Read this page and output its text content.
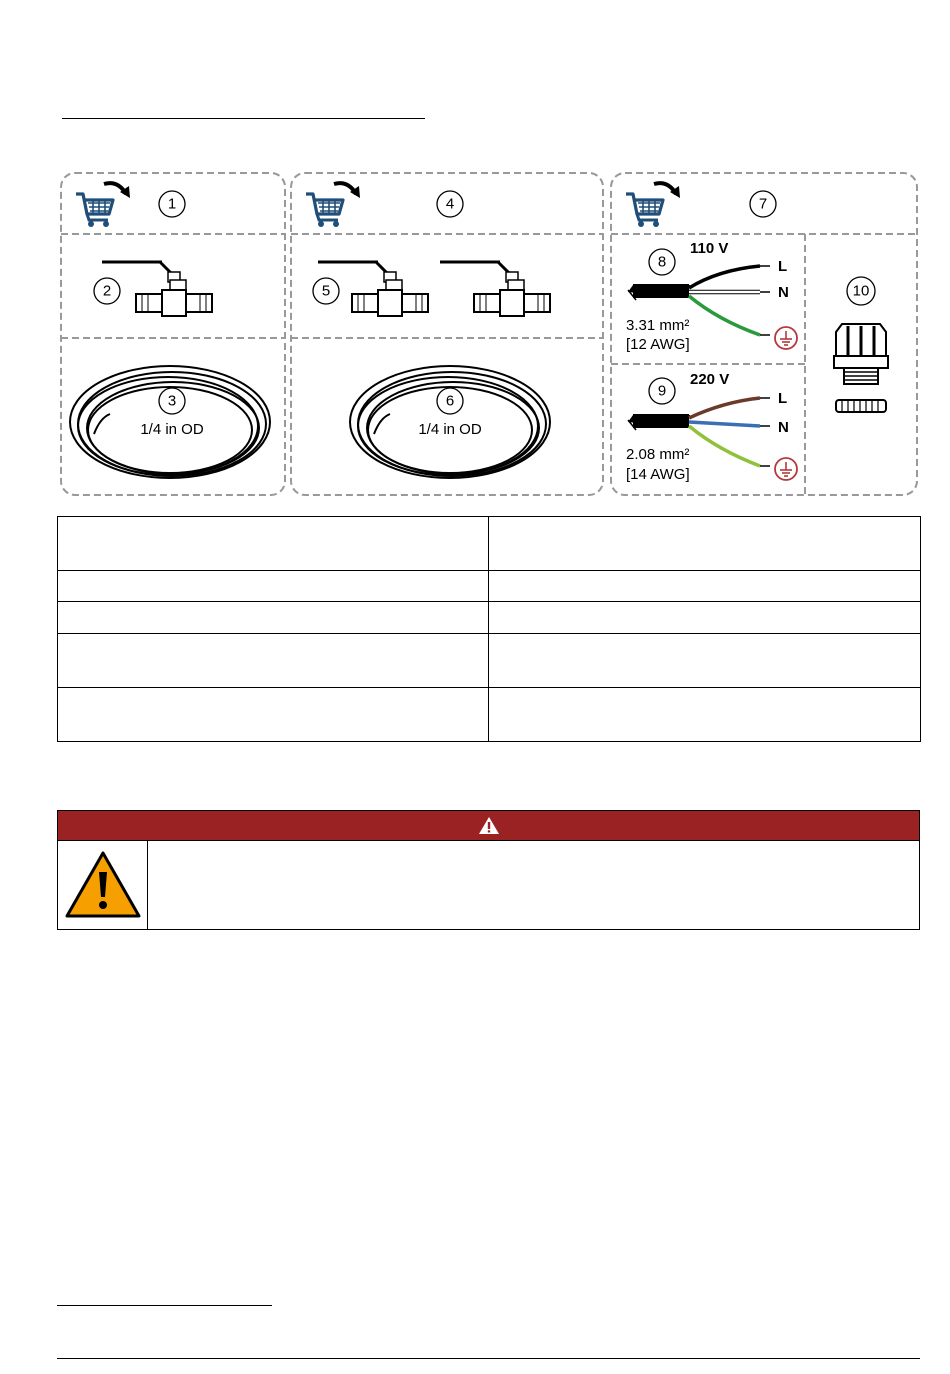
1	4	7
2	5
3	6
8
9
10
1/4 in OD	1/4 in OD
110 V
L
N
3.31 mm²
[12 AWG]
220 V
L
N
2.08 mm²
[14 AWG]
